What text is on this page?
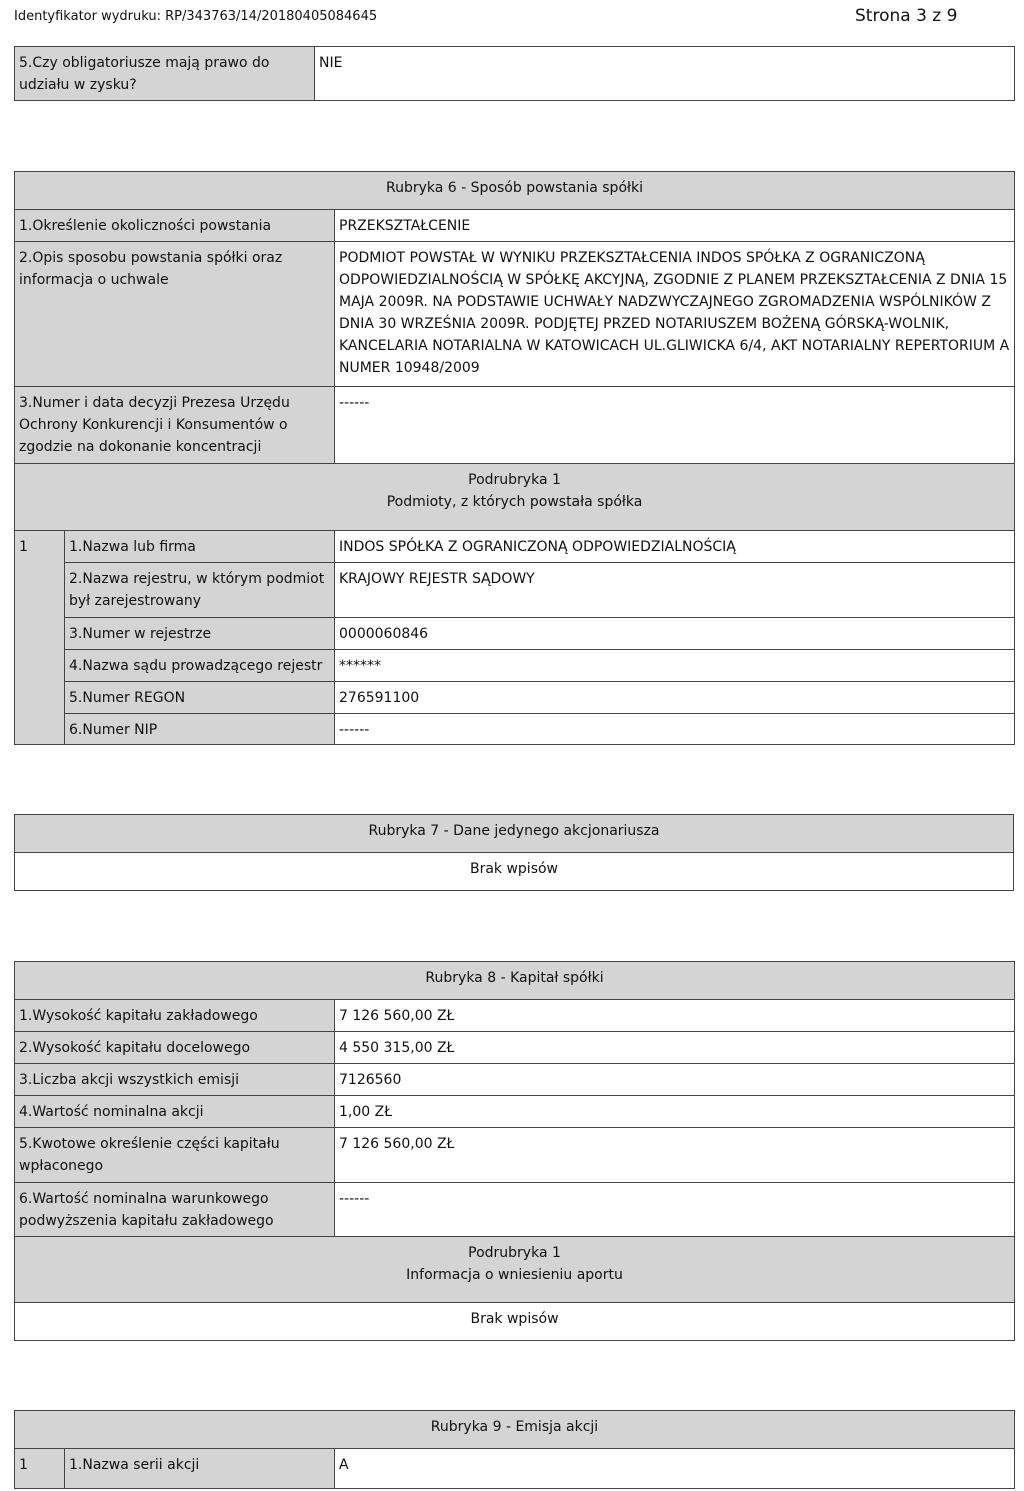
Identyfikator wydruku: RP/343763/14/20180405084645	Strona 3 z 9
5.Czy obligatoriusze mają prawo do udziału w zysku?	NIE
Rubryka 6 - Sposób powstania spółki		
1.Określenie okoliczności powstania		PRZEKSZTAŁCENIE
2.Opis sposobu powstania spółki oraz informacja o uchwale		PODMIOT POWSTAŁ W WYNIKU PRZEKSZTAŁCENIA INDOS SPÓŁKA Z OGRANICZONĄ ODPOWIEDZIALNOŚCIĄ W SPÓŁKĘ AKCYJNĄ, ZGODNIE Z PLANEM PRZEKSZTAŁCENIA Z DNIA 15 MAJA 2009R. NA PODSTAWIE UCHWAŁY NADZWYCZAJNEGO ZGROMADZENIA WSPÓLNIKÓW Z DNIA 30 WRZEŚNIA 2009R. PODJĘTEJ PRZED NOTARIUSZEM BOŻENĄ GÓRSKĄ-WOLNIK, KANCELARIA NOTARIALNA W KATOWICACH UL.GLIWICKA 6/4, AKT NOTARIALNY REPERTORIUM A NUMER 10948/2009
3.Numer i data decyzji Prezesa Urzędu Ochrony Konkurencji i Konsumentów o zgodzie na dokonanie koncentracji		------

Podrubryka 1
Podmioty, z których powstała spółka		

1	1.Nazwa lub firma	INDOS SPÓŁKA Z OGRANICZONĄ ODPOWIEDZIALNOŚCIĄ
	2.Nazwa rejestru, w którym podmiot był zarejestrowany	KRAJOWY REJESTR SĄDOWY
	3.Numer w rejestrze	0000060846
	4.Nazwa sądu prowadzącego rejestr	******
	5.Numer REGON	276591100
	6.Numer NIP	------
Rubryka 7 - Dane jedynego akcjonariusza
Brak wpisów
Rubryka 8 - Kapitał spółki	
1.Wysokość kapitału zakładowego	7 126 560,00 ZŁ
2.Wysokość kapitału docelowego	4 550 315,00 ZŁ
3.Liczba akcji wszystkich emisji	7126560
4.Wartość nominalna akcji	1,00 ZŁ
5.Kwotowe określenie części kapitału wpłaconego	7 126 560,00 ZŁ
6.Wartość nominalna warunkowego podwyższenia kapitału zakładowego	------

Podrubryka 1
Informacja o wniesieniu aportu	

Brak wpisów	
Rubryka 9 - Emisja akcji
1	1.Nazwa serii akcji	A
